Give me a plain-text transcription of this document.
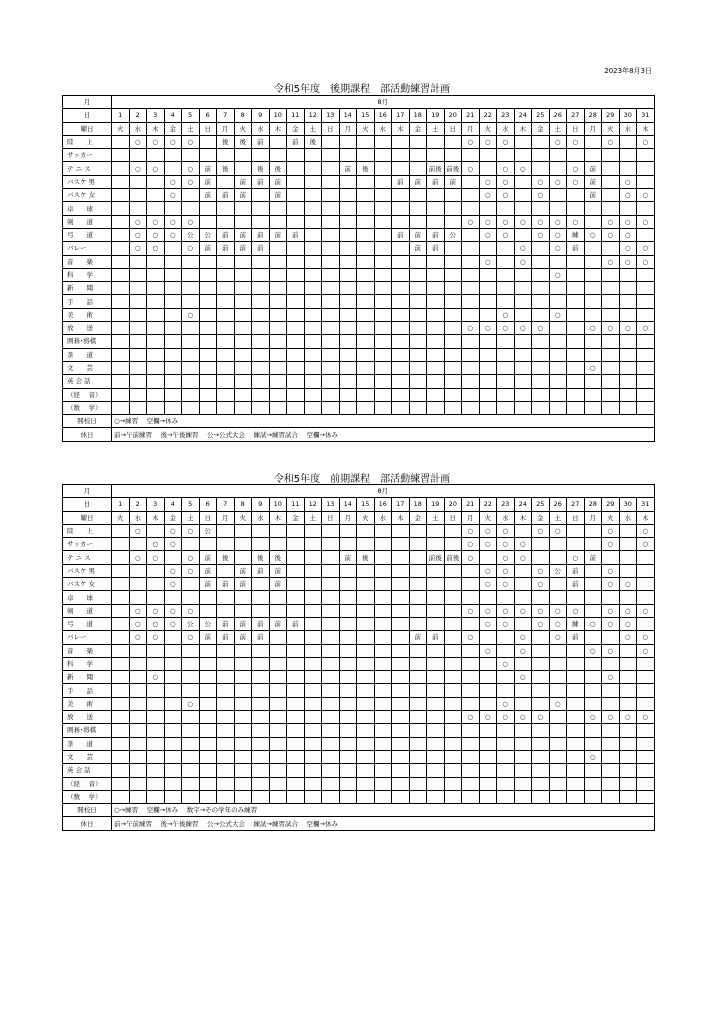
2023年8月3日
令和5年度　後期課程　部活動練習計画
月	8月																														
日	1	2	3	4	5	6	7	8	9	10	11	12	13	14	15	16	17	18	19	20	21	22	23	24	25	26	27	28	29	30	31
曜日	火	水	木	金	土	日	月	火	水	木	金	土	日	月	火	水	木	金	土	日	月	火	水	木	金	土	日	月	火	水	木
陸　　上		○	○	○	○		後	後	前		前	後									○	○	○			○	○		○		○
サッカー																															
テ ニ ス		○	○		○	前	後		後	後				前	後				前後	前後	○		○	○			○	前			
バスケ 男				○	○	前		前	前	前							前	前	前	前		○	○		○	○	○	前		○	
バスケ 女				○		前	前	前		前												○	○		○			前		○	○
卓　　球																															
剣　　道		○	○	○	○																○	○	○	○	○	○	○		○	○	○
弓　　道		○	○	○	公	公	前	前	前	前	前						前	前	前	公		○	○		○	○	練	○	○	○	
バレー		○	○		○	前	前	前	前									前	前					○		○	前			○	○
音　　楽																						○		○					○	○	○
科　　学																										○					
新　　聞																															
手　　話																															
美　　術					○																		○			○					
放　　送																					○	○	○	○	○			○	○	○	○
囲碁･将棋																															
茶　　道																															
文　　芸																												○			
英 会 話																															
（経　 音）																															
（数　 学）																															
開校日	○→練習　 空欄→休み																														
休日	前→午前練習　 後→午後練習　 公→公式大会　 練試→練習試合　 空欄→休み																														
令和5年度　前期課程　部活動練習計画
月	8月																														
日	1	2	3	4	5	6	7	8	9	10	11	12	13	14	15	16	17	18	19	20	21	22	23	24	25	26	27	28	29	30	31
曜日	火	水	木	金	土	日	月	火	水	木	金	土	日	月	火	水	木	金	土	日	月	火	水	木	金	土	日	月	火	水	木
陸　　上		○		○	○	公															○	○	○		○	○			○		○
サッカー			○	○																	○	○	○	○					○		○
テ ニ ス		○	○		○	前	後		後	後				前	後				前後	前後	○		○	○			○	前			
バスケ 男				○	○	前		前	前	前												○	○		○	公	前		○		
バスケ 女				○		前	前	前		前												○	○		○		前		○	○	
卓　　球																															
剣　　道		○	○	○	○																○	○	○	○	○	○	○		○	○	○
弓　　道		○	○	○	公	公	前	前	前	前	前											○	○		○	○	練	○	○	○	
バレー		○	○		○	前	前	前	前									前	前		○			○		○	前			○	○
音　　楽																						○		○				○	○		○
科　　学																							○								
新　　聞			○																					○					○		
手　　話																															
美　　術					○																		○			○					
放　　送																					○	○	○	○	○			○	○	○	○
囲碁･将棋																															
茶　　道																															
文　　芸																												○			
英 会 話																															
（経　 音）																															
（数　 学）																															
開校日	○→練習　 空欄→休み　 数字→その学年のみ練習																														
休日	前→午前練習　 後→午後練習　 公→公式大会　 練試→練習試合　 空欄→休み																														
